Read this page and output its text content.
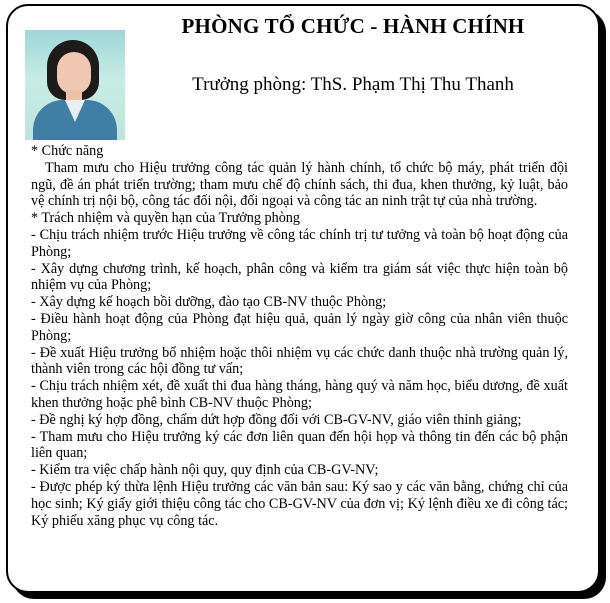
PHÒNG TỔ CHỨC - HÀNH CHÍNH
Trưởng phòng: ThS. Phạm Thị Thu Thanh

* Chức năng

Tham mưu cho Hiệu trưởng công tác quản lý hành chính, tổ chức bộ máy, phát triển đội ngũ, đề án phát triển trường; tham mưu chế độ chính sách, thi đua, khen thưởng, kỷ luật, bảo vệ chính trị nội bộ, công tác đối nội, đối ngoại và công tác an ninh trật tự của nhà trường.

* Trách nhiệm và quyền hạn của Trưởng phòng

- Chịu trách nhiệm trước Hiệu trưởng về công tác chính trị tư tưởng và toàn bộ hoạt động của Phòng;

- Xây dựng chương trình, kế hoạch, phân công và kiểm tra giám sát việc thực hiện toàn bộ nhiệm vụ của Phòng;

- Xây dựng kế hoạch bồi dưỡng, đào tạo CB-NV thuộc Phòng;

- Điều hành hoạt động của Phòng đạt hiệu quả, quản lý ngày giờ công của nhân viên thuộc Phòng;

- Đề xuất Hiệu trưởng bổ nhiệm hoặc thôi nhiệm vụ các chức danh thuộc nhà trường quản lý, thành viên trong các hội đồng tư vấn;

- Chịu trách nhiệm xét, đề xuất thi đua hàng tháng, hàng quý và năm học, biểu dương, đề xuất khen thưởng hoặc phê bình CB-NV thuộc Phòng;

- Đề nghị ký hợp đồng, chấm dứt hợp đồng đối với CB-GV-NV, giáo viên thỉnh giảng;

- Tham mưu cho Hiệu trưởng ký các đơn liên quan đến hội họp và thông tin đến các bộ phận liên quan;

- Kiểm tra việc chấp hành nội quy, quy định của CB-GV-NV;

- Được phép ký thừa lệnh Hiệu trưởng các văn bản sau: Ký sao y các văn bằng, chứng chỉ của học sinh; Ký giấy giới thiệu công tác cho CB-GV-NV của đơn vị; Ký lệnh điều xe đi công tác; Ký phiếu xăng phục vụ công tác.
